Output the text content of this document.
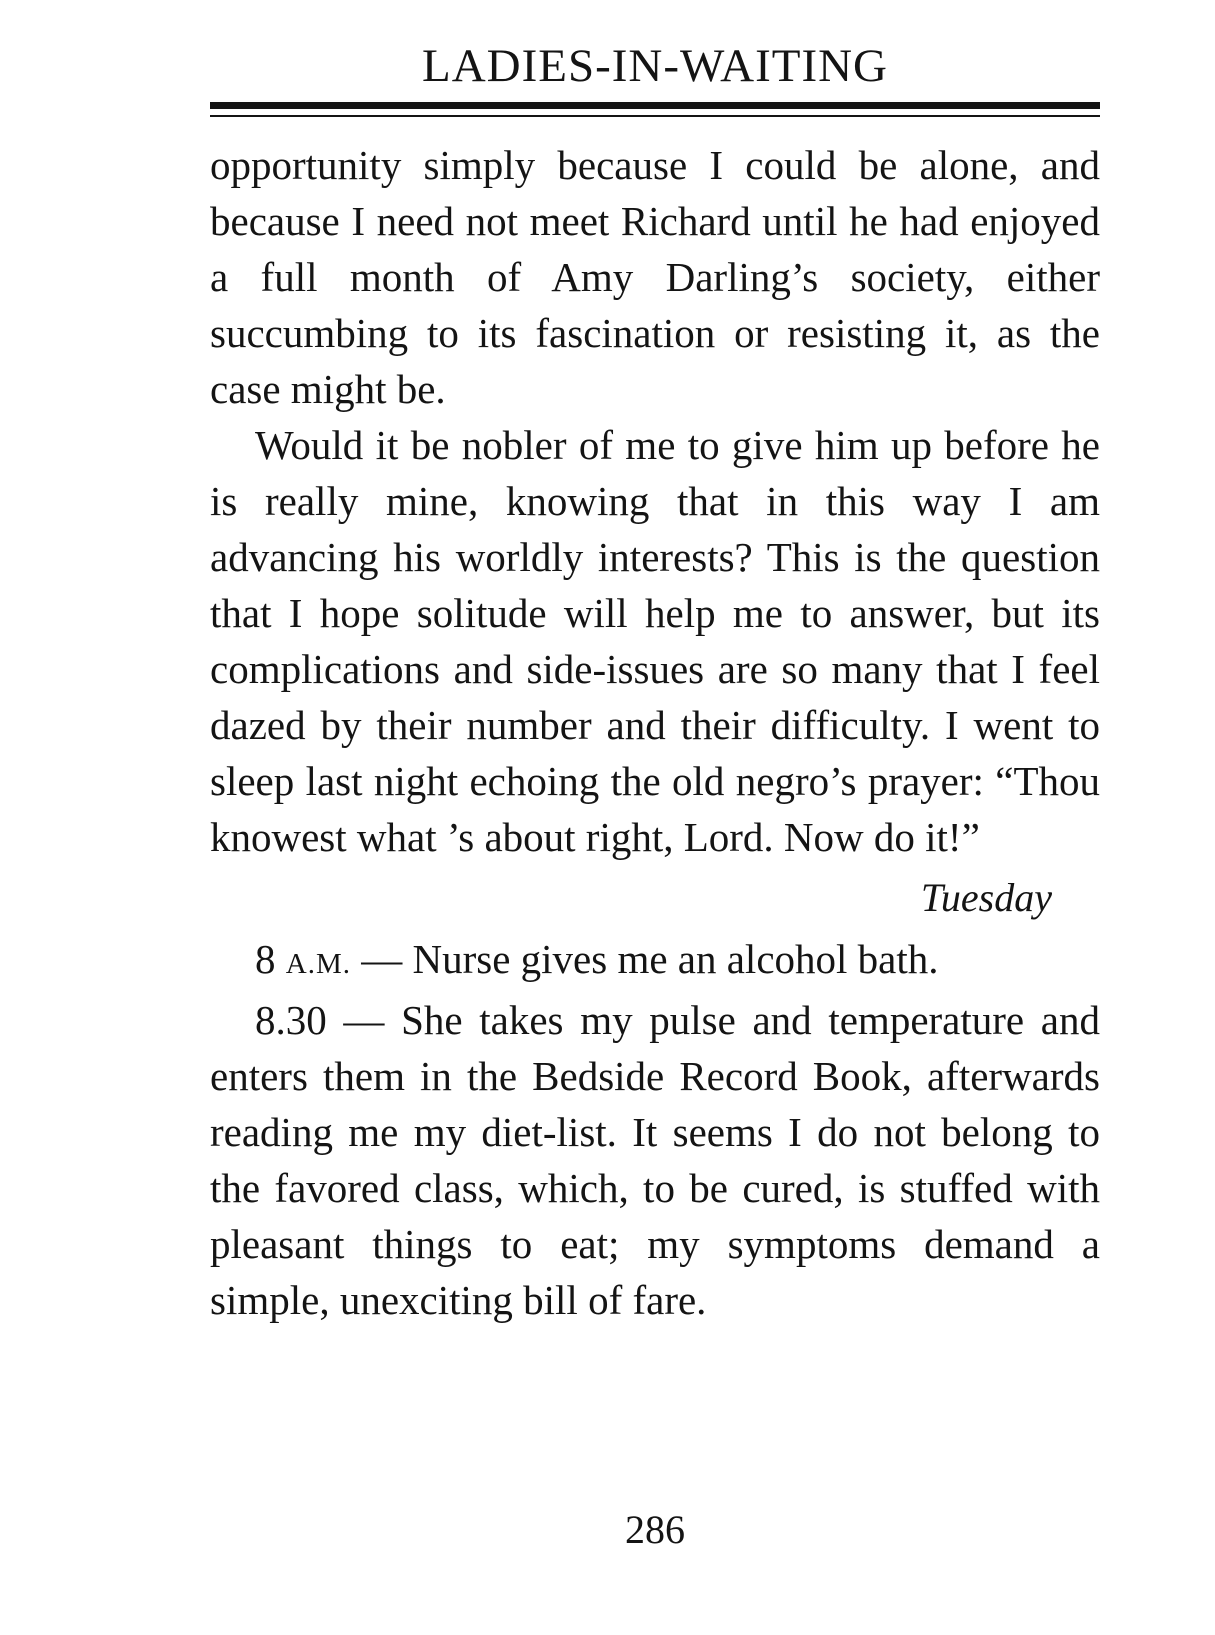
LADIES-IN-WAITING

opportunity simply because I could be alone, and because I need not meet Richard until he had enjoyed a full month of Amy Darling’s society, either succumbing to its fascination or resisting it, as the case might be.

Would it be nobler of me to give him up before he is really mine, knowing that in this way I am advancing his worldly interests? This is the question that I hope solitude will help me to answer, but its complications and side-issues are so many that I feel dazed by their number and their difficulty. I went to sleep last night echoing the old negro’s prayer: “Thou knowest what ’s about right, Lord. Now do it!”

Tuesday

8 A.M. — Nurse gives me an alcohol bath.

8.30 — She takes my pulse and temperature and enters them in the Bedside Record Book, afterwards reading me my diet-list. It seems I do not belong to the favored class, which, to be cured, is stuffed with pleasant things to eat; my symptoms demand a simple, unexciting bill of fare.

286
